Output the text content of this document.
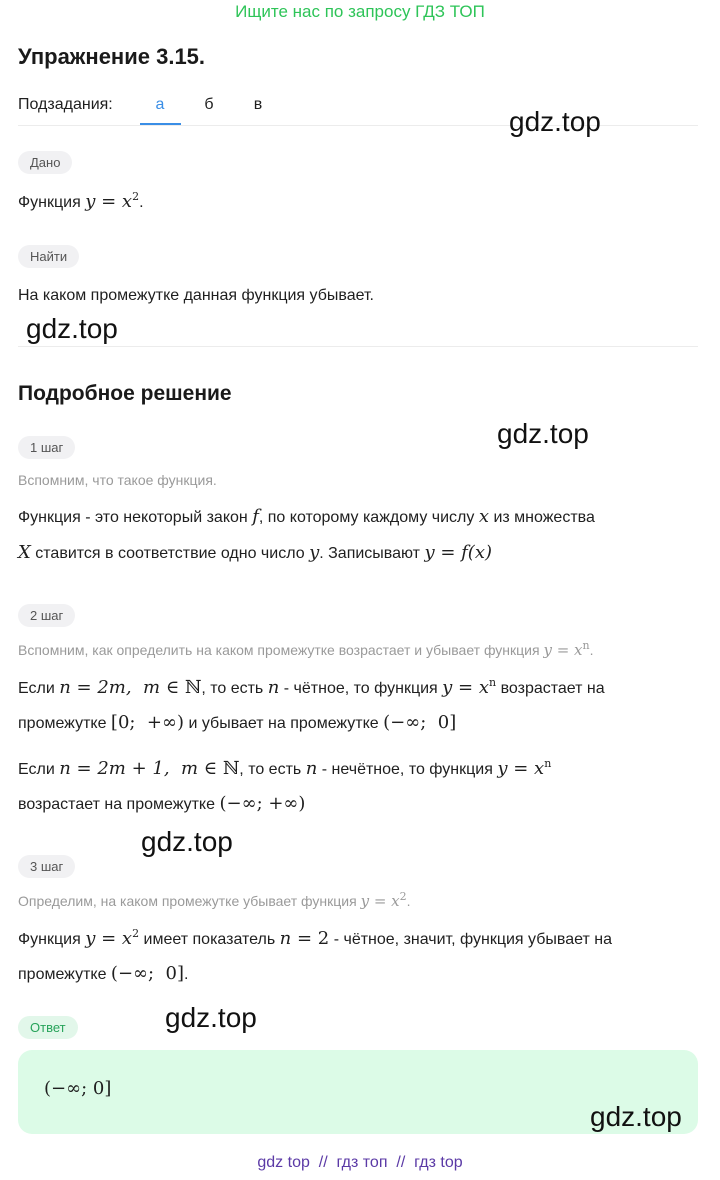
Ищите нас по запросу ГДЗ ТОП
Упражнение 3.15.
Подзадания:	а	б	в
Дано
Функция $y = x^2$.
Найти
На каком промежутке данная функция убывает.
Подробное решение
1 шаг
Вспомним, что такое функция.
Функция - это некоторый закон f, по которому каждому числу x из множества
X ставится в соответствие одно число y. Записывают y = f(x)
2 шаг
Вспомним, как определить на каком промежутке возрастает и убывает функция $y = x^n$.
Если n = 2m,  m ∈ ℕ, то есть n - чётное, то функция $y = x^n$ возрастает на
промежутке [0;  +∞) и убывает на промежутке (−∞;  0]
Если n = 2m + 1,  m ∈ ℕ, то есть n - нечётное, то функция $y = x^n$
возрастает на промежутке (−∞; +∞)
3 шаг
Определим, на каком промежутке убывает функция $y = x^2$.
Функция $y = x^2$ имеет показатель n = 2 - чётное, значит, функция убывает на
промежутке (−∞;  0].
Ответ
(−∞; 0]
gdz.top
gdz.top
gdz.top
gdz.top
gdz.top
gdz.top
gdz top  //  гдз топ  //  гдз top
